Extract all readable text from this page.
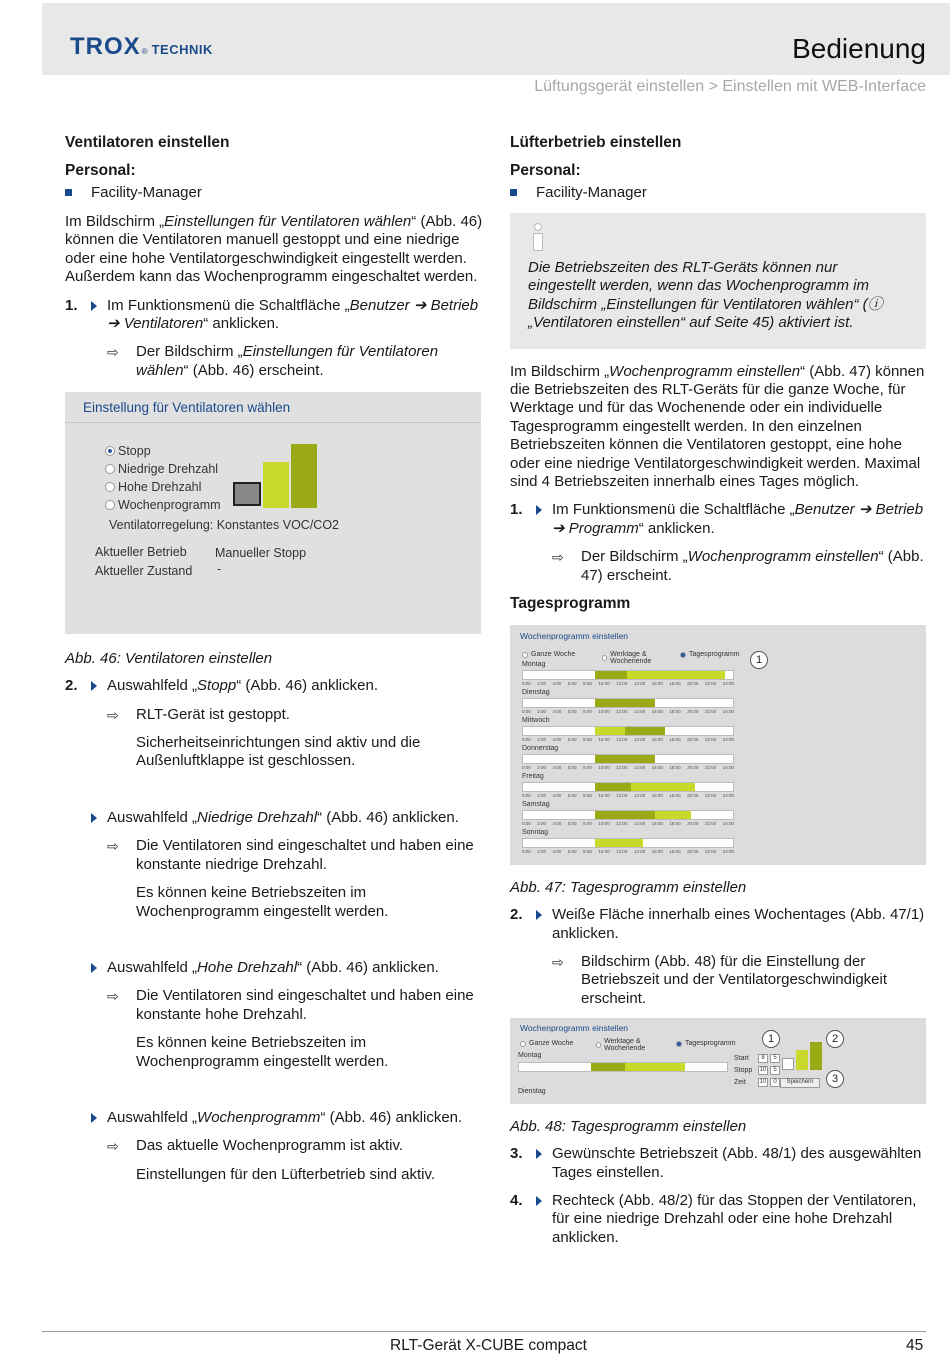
TROX ® TECHNIK	Bedienung
Lüftungsgerät einstellen > Einstellen mit WEB-Interface
Ventilatoren einstellen
Personal:
Facility-Manager
Im Bildschirm „Einstellungen für Ventilatoren wählen“ (Abb. 46) können die Ventilatoren manuell gestoppt und eine niedrige oder eine hohe Ventilatorgeschwindigkeit eingestellt werden. Außerdem kann das Wochenprogramm eingeschaltet werden.
1.	Im Funktionsmenü die Schaltfläche „Benutzer ➔ Betrieb ➔ Ventilatoren“ anklicken.
⇨	Der Bildschirm „Einstellungen für Ventilatoren wählen“ (Abb. 46) erscheint.
Einstellung für Ventilatoren wählen
Stopp
Niedrige Drehzahl
Hohe Drehzahl
Wochenprogramm
Ventilatorregelung: Konstantes VOC/CO2
Aktueller Betrieb Manueller Stopp
Aktueller Zustand -
Abb. 46: Ventilatoren einstellen
2.	Auswahlfeld „Stopp“ (Abb. 46) anklicken.
⇨	RLT-Gerät ist gestoppt.
Sicherheitseinrichtungen sind aktiv und die Außenluftklappe ist geschlossen.
Auswahlfeld „Niedrige Drehzahl“ (Abb. 46) anklicken.
⇨	Die Ventilatoren sind eingeschaltet und haben eine konstante niedrige Drehzahl.
Es können keine Betriebszeiten im Wochenprogramm eingestellt werden.
Auswahlfeld „Hohe Drehzahl“ (Abb. 46) anklicken.
⇨	Die Ventilatoren sind eingeschaltet und haben eine konstante hohe Drehzahl.
Es können keine Betriebszeiten im Wochenprogramm eingestellt werden.
Auswahlfeld „Wochenprogramm“ (Abb. 46) anklicken.
⇨	Das aktuelle Wochenprogramm ist aktiv.
Einstellungen für den Lüfterbetrieb sind aktiv.
Lüfterbetrieb einstellen
Personal:
Facility-Manager
Die Betriebszeiten des RLT-Geräts können nur eingestellt werden, wenn das Wochenprogramm im Bildschirm „Einstellungen für Ventilatoren wählen“ (ⓘ „Ventilatoren einstellen“ auf Seite 45) aktiviert ist.
Im Bildschirm „Wochenprogramm einstellen“ (Abb. 47) können die Betriebszeiten des RLT-Geräts für die ganze Woche, für Werktage und für das Wochenende oder ein individuelle Tagesprogramm eingestellt werden. In den einzelnen Betriebszeiten können die Ventilatoren gestoppt, eine hohe oder eine niedrige Ventilatorgeschwindigkeit werden. Maximal sind 4 Betriebszeiten innerhalb eines Tages möglich.
1.	Im Funktionsmenü die Schaltfläche „Benutzer ➔ Betrieb ➔ Programm“ anklicken.
⇨	Der Bildschirm „Wochenprogramm einstellen“ (Abb. 47) erscheint.
Tagesprogramm
Wochenprogramm einstellen
Ganze Woche	Werktage & Wochenende
Tagesprogramm
Montag
0:00 2:00 4:00 6:00 8:00 10:00 12:00 14:00 16:00 18:00 20:00 22:00 24:00
Dienstag
0:00 2:00 4:00 6:00 8:00 10:00 12:00 14:00 16:00 18:00 20:00 22:00 24:00
Mittwoch
0:00 2:00 4:00 6:00 8:00 10:00 12:00 14:00 16:00 18:00 20:00 22:00 24:00
Donnerstag
0:00 2:00 4:00 6:00 8:00 10:00 12:00 14:00 16:00 18:00 20:00 22:00 24:00
Freitag
0:00 2:00 4:00 6:00 8:00 10:00 12:00 14:00 16:00 18:00 20:00 22:00 24:00
Samstag
0:00 2:00 4:00 6:00 8:00 10:00 12:00 14:00 16:00 18:00 20:00 22:00 24:00
Sonntag
0:00 2:00 4:00 6:00 8:00 10:00 12:00 14:00 16:00 18:00 20:00 22:00 24:00
1
Abb. 47: Tagesprogramm einstellen
2.	Weiße Fläche innerhalb eines Wochentages (Abb. 47/1) anklicken.
⇨	Bildschirm (Abb. 48) für die Einstellung der Betriebszeit und der Ventilatorgeschwindigkeit erscheint.
Wochenprogramm einstellen
Ganze Woche	Werktage & Wochenende
Tagesprogramm
Montag
Dienstag
Start	8	5
Stopp	10	5
Zeit	10	0	Speichern
1	2
3
Abb. 48: Tagesprogramm einstellen
3.	Gewünschte Betriebszeit (Abb. 48/1) des ausgewählten Tages einstellen.
4.	Rechteck (Abb. 48/2) für das Stoppen der Ventilatoren, für eine niedrige Drehzahl oder eine hohe Drehzahl anklicken.
RLT-Gerät X-CUBE compact	45
